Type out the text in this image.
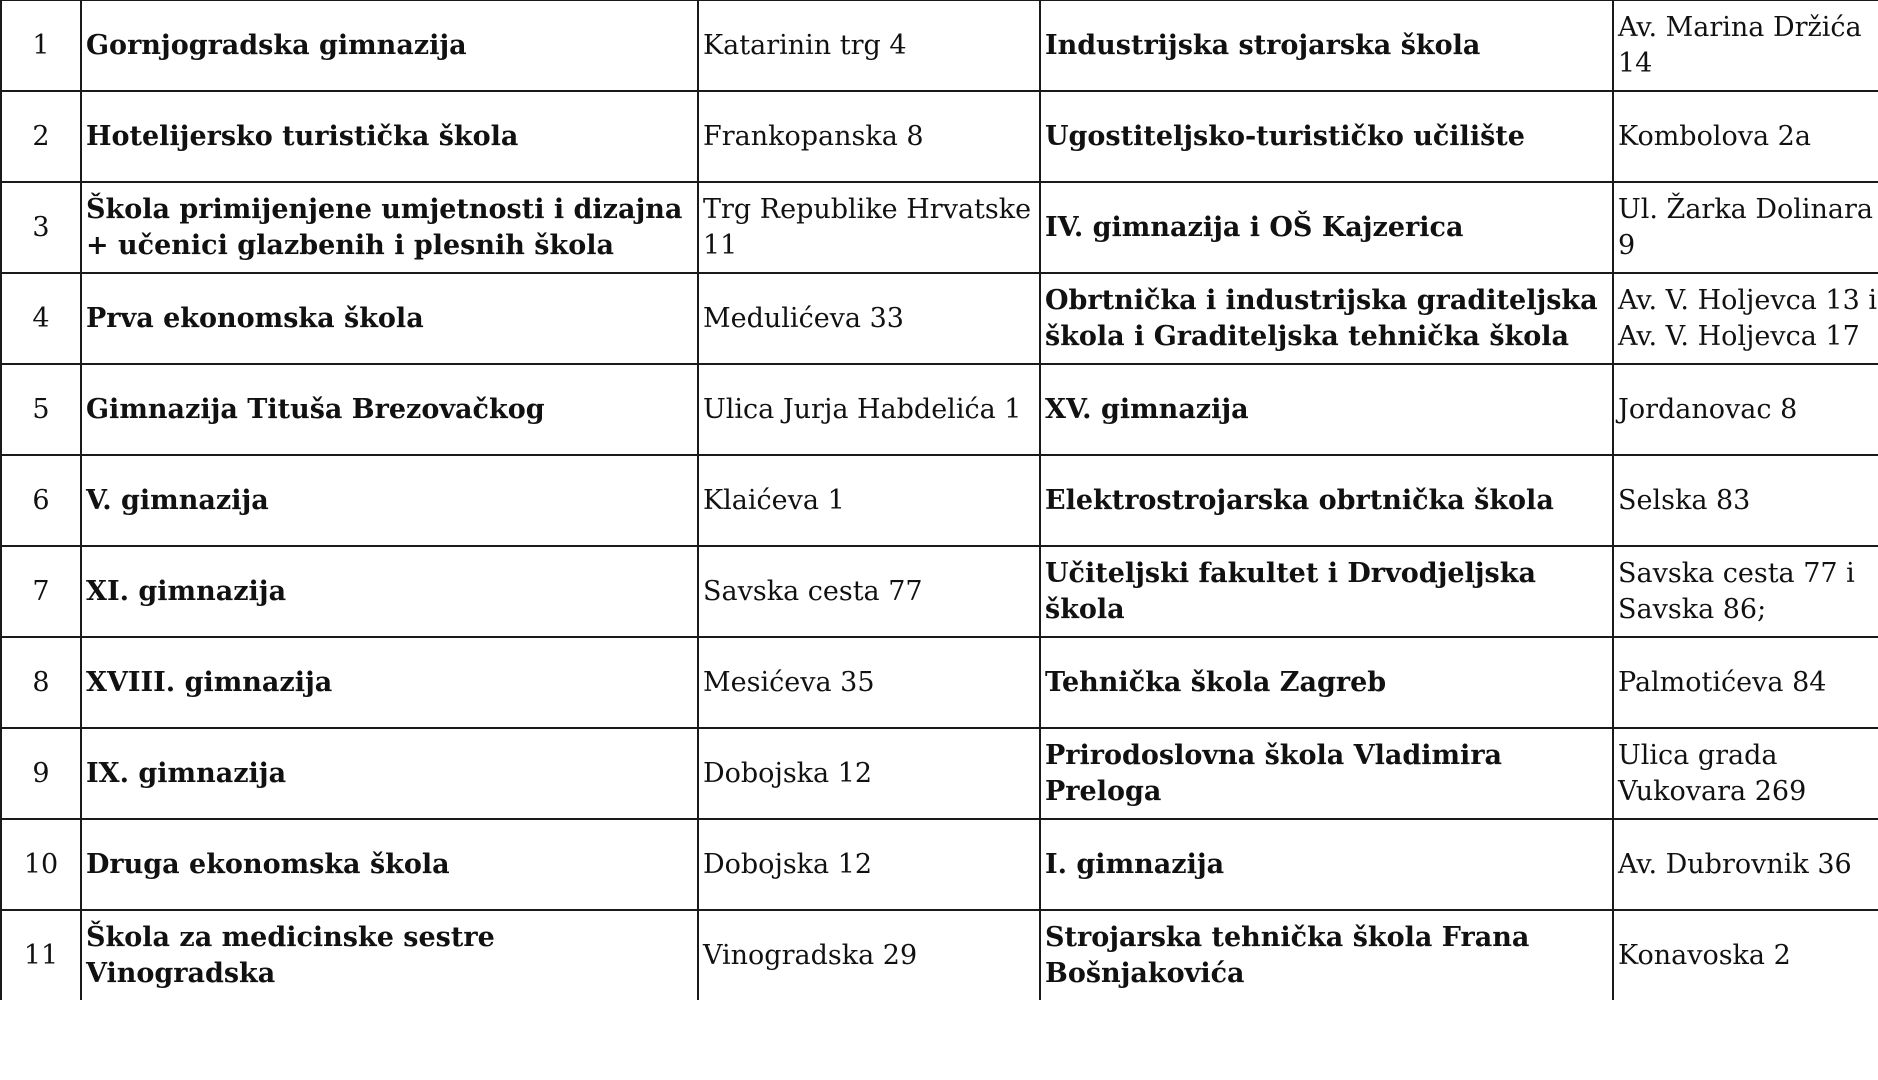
1	Gornjogradska gimnazija	Katarinin trg 4	Industrijska strojarska škola	Av. Marina Držića 14
2	Hotelijersko turistička škola	Frankopanska 8	Ugostiteljsko-turističko učilište	Kombolova 2a
3	Škola primijenjene umjetnosti i dizajna + učenici glazbenih i plesnih škola	Trg Republike Hrvatske 11	IV. gimnazija i OŠ Kajzerica	Ul. Žarka Dolinara 9
4	Prva ekonomska škola	Medulićeva 33	Obrtnička i industrijska graditeljska škola i Graditeljska tehnička škola	Av. V. Holjevca 13 i Av. V. Holjevca 17
5	Gimnazija Tituša Brezovačkog	Ulica Jurja Habdelića 1	XV. gimnazija	Jordanovac 8
6	V. gimnazija	Klaićeva 1	Elektrostrojarska obrtnička škola	Selska 83
7	XI. gimnazija	Savska cesta 77	Učiteljski fakultet i Drvodjeljska škola	Savska cesta 77 i Savska 86;
8	XVIII. gimnazija	Mesićeva 35	Tehnička škola Zagreb	Palmotićeva 84
9	IX. gimnazija	Dobojska 12	Prirodoslovna škola Vladimira Preloga	Ulica grada Vukovara 269
10	Druga ekonomska škola	Dobojska 12	I. gimnazija	Av. Dubrovnik 36
11	Škola za medicinske sestre Vinogradska	Vinogradska 29	Strojarska tehnička škola Frana Bošnjakovića	Konavoska 2
